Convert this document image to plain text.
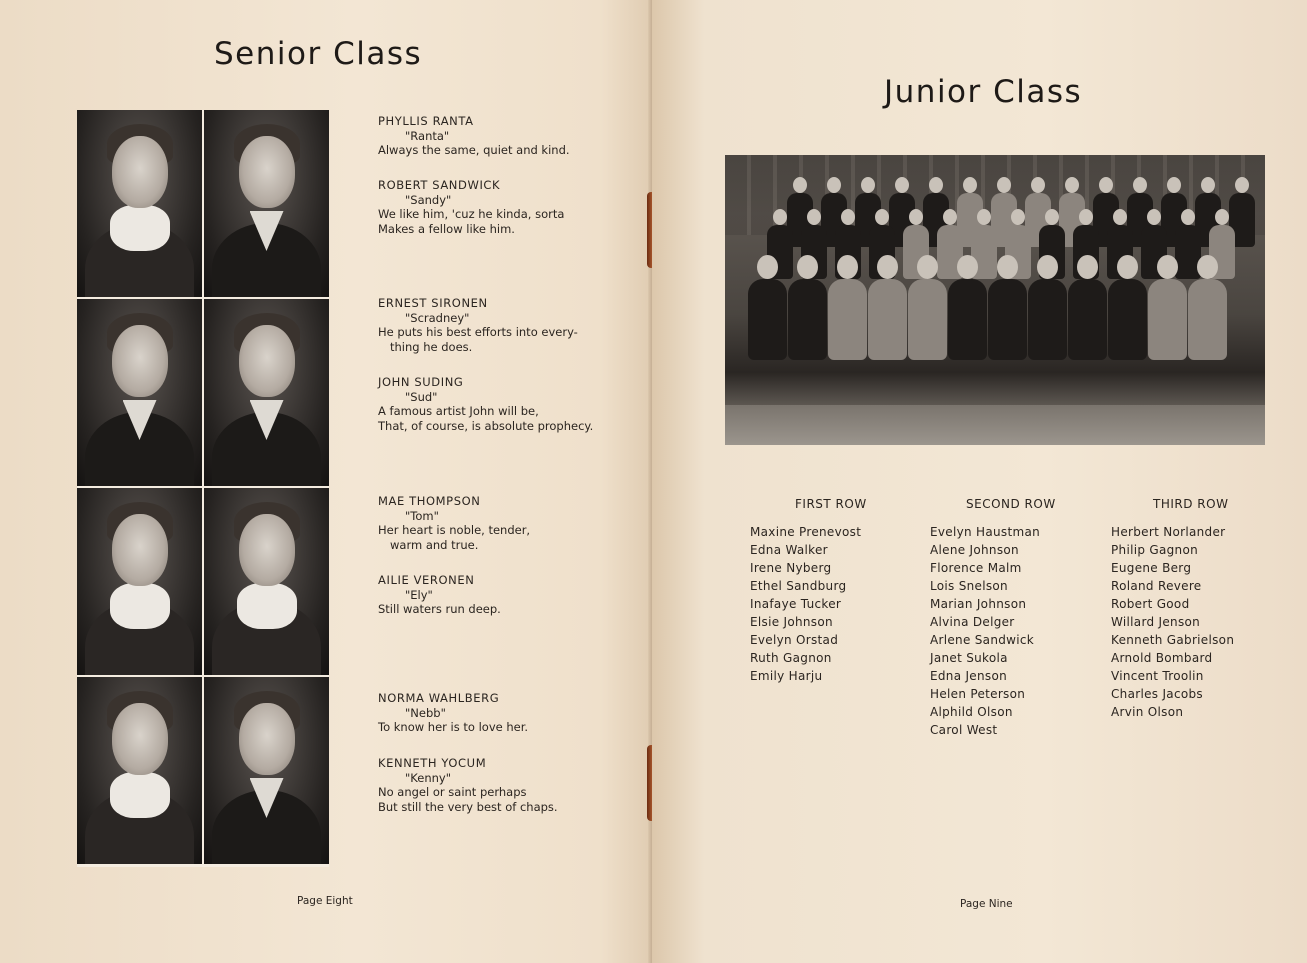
Senior Class
PHYLLIS RANTA
"Ranta"
Always the same, quiet and kind.
ROBERT SANDWICK
"Sandy"
We like him, 'cuz he kinda, sorta
Makes a fellow like him.
ERNEST SIRONEN
"Scradney"
He puts his best efforts into every-
thing he does.
JOHN SUDING
"Sud"
A famous artist John will be,
That, of course, is absolute prophecy.
MAE THOMPSON
"Tom"
Her heart is noble, tender,
warm and true.
AILIE VERONEN
"Ely"
Still waters run deep.
NORMA WAHLBERG
"Nebb"
To know her is to love her.
KENNETH YOCUM
"Kenny"
No angel or saint perhaps
But still the very best of chaps.
Page Eight
Junior Class
FIRST ROW
Maxine Prenevost
Edna Walker
Irene Nyberg
Ethel Sandburg
Inafaye Tucker
Elsie Johnson
Evelyn Orstad
Ruth Gagnon
Emily Harju
SECOND ROW
Evelyn Haustman
Alene Johnson
Florence Malm
Lois Snelson
Marian Johnson
Alvina Delger
Arlene Sandwick
Janet Sukola
Edna Jenson
Helen Peterson
Alphild Olson
Carol West
THIRD ROW
Herbert Norlander
Philip Gagnon
Eugene Berg
Roland Revere
Robert Good
Willard Jenson
Kenneth Gabrielson
Arnold Bombard
Vincent Troolin
Charles Jacobs
Arvin Olson
Page Nine
